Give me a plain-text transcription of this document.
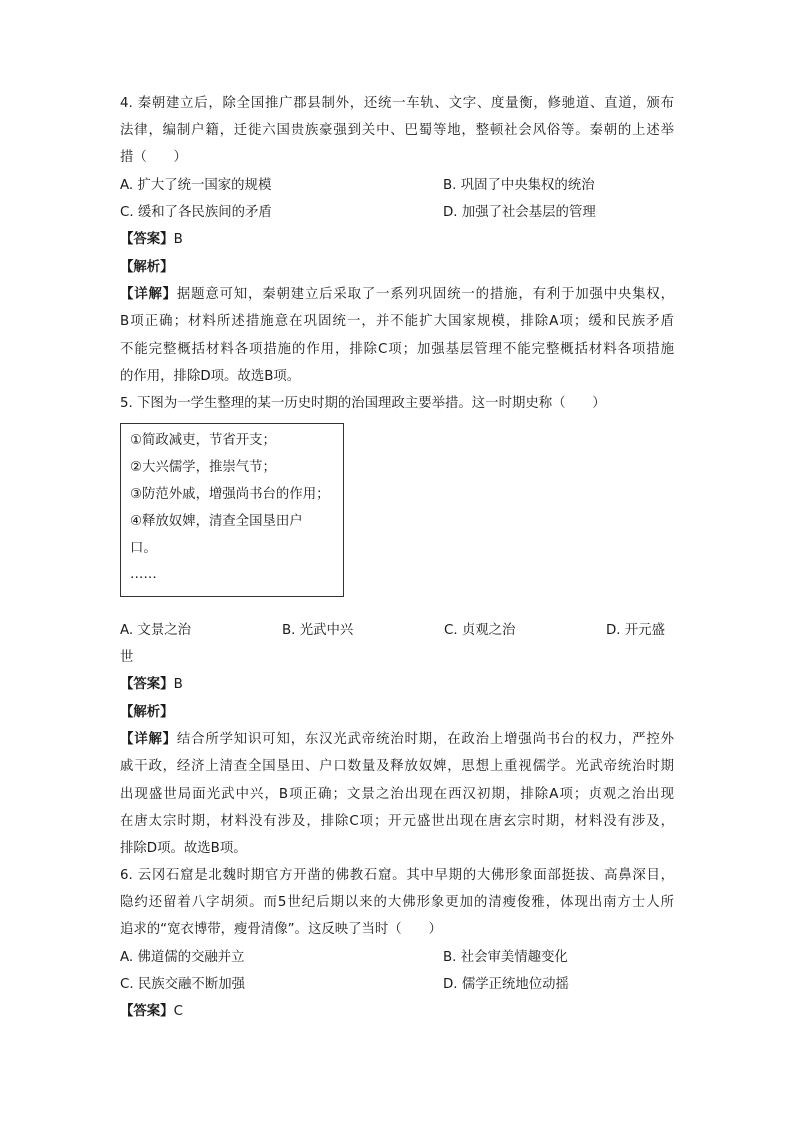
4. 秦朝建立后，除全国推广郡县制外，还统一车轨、文字、度量衡，修驰道、直道，颁布
法律，编制户籍，迁徙六国贵族豪强到关中、巴蜀等地，整顿社会风俗等。秦朝的上述举
措（　　）
A. 扩大了统一国家的规模	B. 巩固了中央集权的统治
C. 缓和了各民族间的矛盾	D. 加强了社会基层的管理
【答案】B
【解析】
【详解】据题意可知，秦朝建立后采取了一系列巩固统一的措施，有利于加强中央集权，
B项正确；材料所述措施意在巩固统一，并不能扩大国家规模，排除A项；缓和民族矛盾
不能完整概括材料各项措施的作用，排除C项；加强基层管理不能完整概括材料各项措施
的作用，排除D项。故选B项。
5. 下图为一学生整理的某一历史时期的治国理政主要举措。这一时期史称（　　）
①简政减吏，节省开支；
②大兴儒学，推崇气节；
③防范外戚，增强尚书台的作用；
④释放奴婢，清查全国垦田户
口。
……
A. 文景之治	B. 光武中兴	C. 贞观之治	D. 开元盛
世
【答案】B
【解析】
【详解】结合所学知识可知，东汉光武帝统治时期，在政治上增强尚书台的权力，严控外
戚干政，经济上清查全国垦田、户口数量及释放奴婢，思想上重视儒学。光武帝统治时期
出现盛世局面光武中兴，B项正确；文景之治出现在西汉初期，排除A项；贞观之治出现
在唐太宗时期，材料没有涉及，排除C项；开元盛世出现在唐玄宗时期，材料没有涉及，
排除D项。故选B项。
6. 云冈石窟是北魏时期官方开凿的佛教石窟。其中早期的大佛形象面部挺拔、高鼻深目，
隐约还留着八字胡须。而5世纪后期以来的大佛形象更加的清瘦俊雅，体现出南方士人所
追求的“宽衣博带，瘦骨清像”。这反映了当时（　　）
A. 佛道儒的交融并立	B. 社会审美情趣变化
C. 民族交融不断加强	D. 儒学正统地位动摇
【答案】C
